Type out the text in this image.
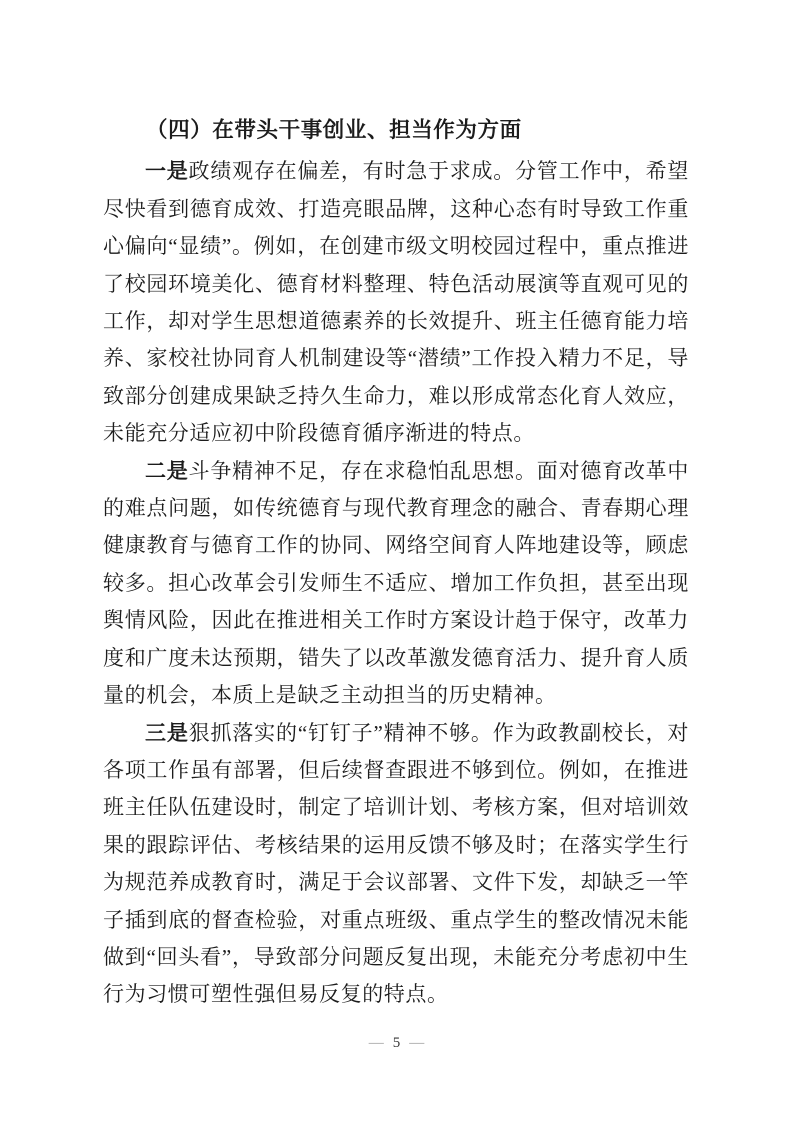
（四）在带头干事创业、担当作为方面

一是政绩观存在偏差，有时急于求成。分管工作中，希望尽快看到德育成效、打造亮眼品牌，这种心态有时导致工作重心偏向“显绩”。例如，在创建市级文明校园过程中，重点推进了校园环境美化、德育材料整理、特色活动展演等直观可见的工作，却对学生思想道德素养的长效提升、班主任德育能力培养、家校社协同育人机制建设等“潜绩”工作投入精力不足，导致部分创建成果缺乏持久生命力，难以形成常态化育人效应，未能充分适应初中阶段德育循序渐进的特点。

二是斗争精神不足，存在求稳怕乱思想。面对德育改革中的难点问题，如传统德育与现代教育理念的融合、青春期心理健康教育与德育工作的协同、网络空间育人阵地建设等，顾虑较多。担心改革会引发师生不适应、增加工作负担，甚至出现舆情风险，因此在推进相关工作时方案设计趋于保守，改革力度和广度未达预期，错失了以改革激发德育活力、提升育人质量的机会，本质上是缺乏主动担当的历史精神。

三是狠抓落实的“钉钉子”精神不够。作为政教副校长，对各项工作虽有部署，但后续督查跟进不够到位。例如，在推进班主任队伍建设时，制定了培训计划、考核方案，但对培训效果的跟踪评估、考核结果的运用反馈不够及时；在落实学生行为规范养成教育时，满足于会议部署、文件下发，却缺乏一竿子插到底的督查检验，对重点班级、重点学生的整改情况未能做到“回头看”，导致部分问题反复出现，未能充分考虑初中生行为习惯可塑性强但易反复的特点。

— 5 —
